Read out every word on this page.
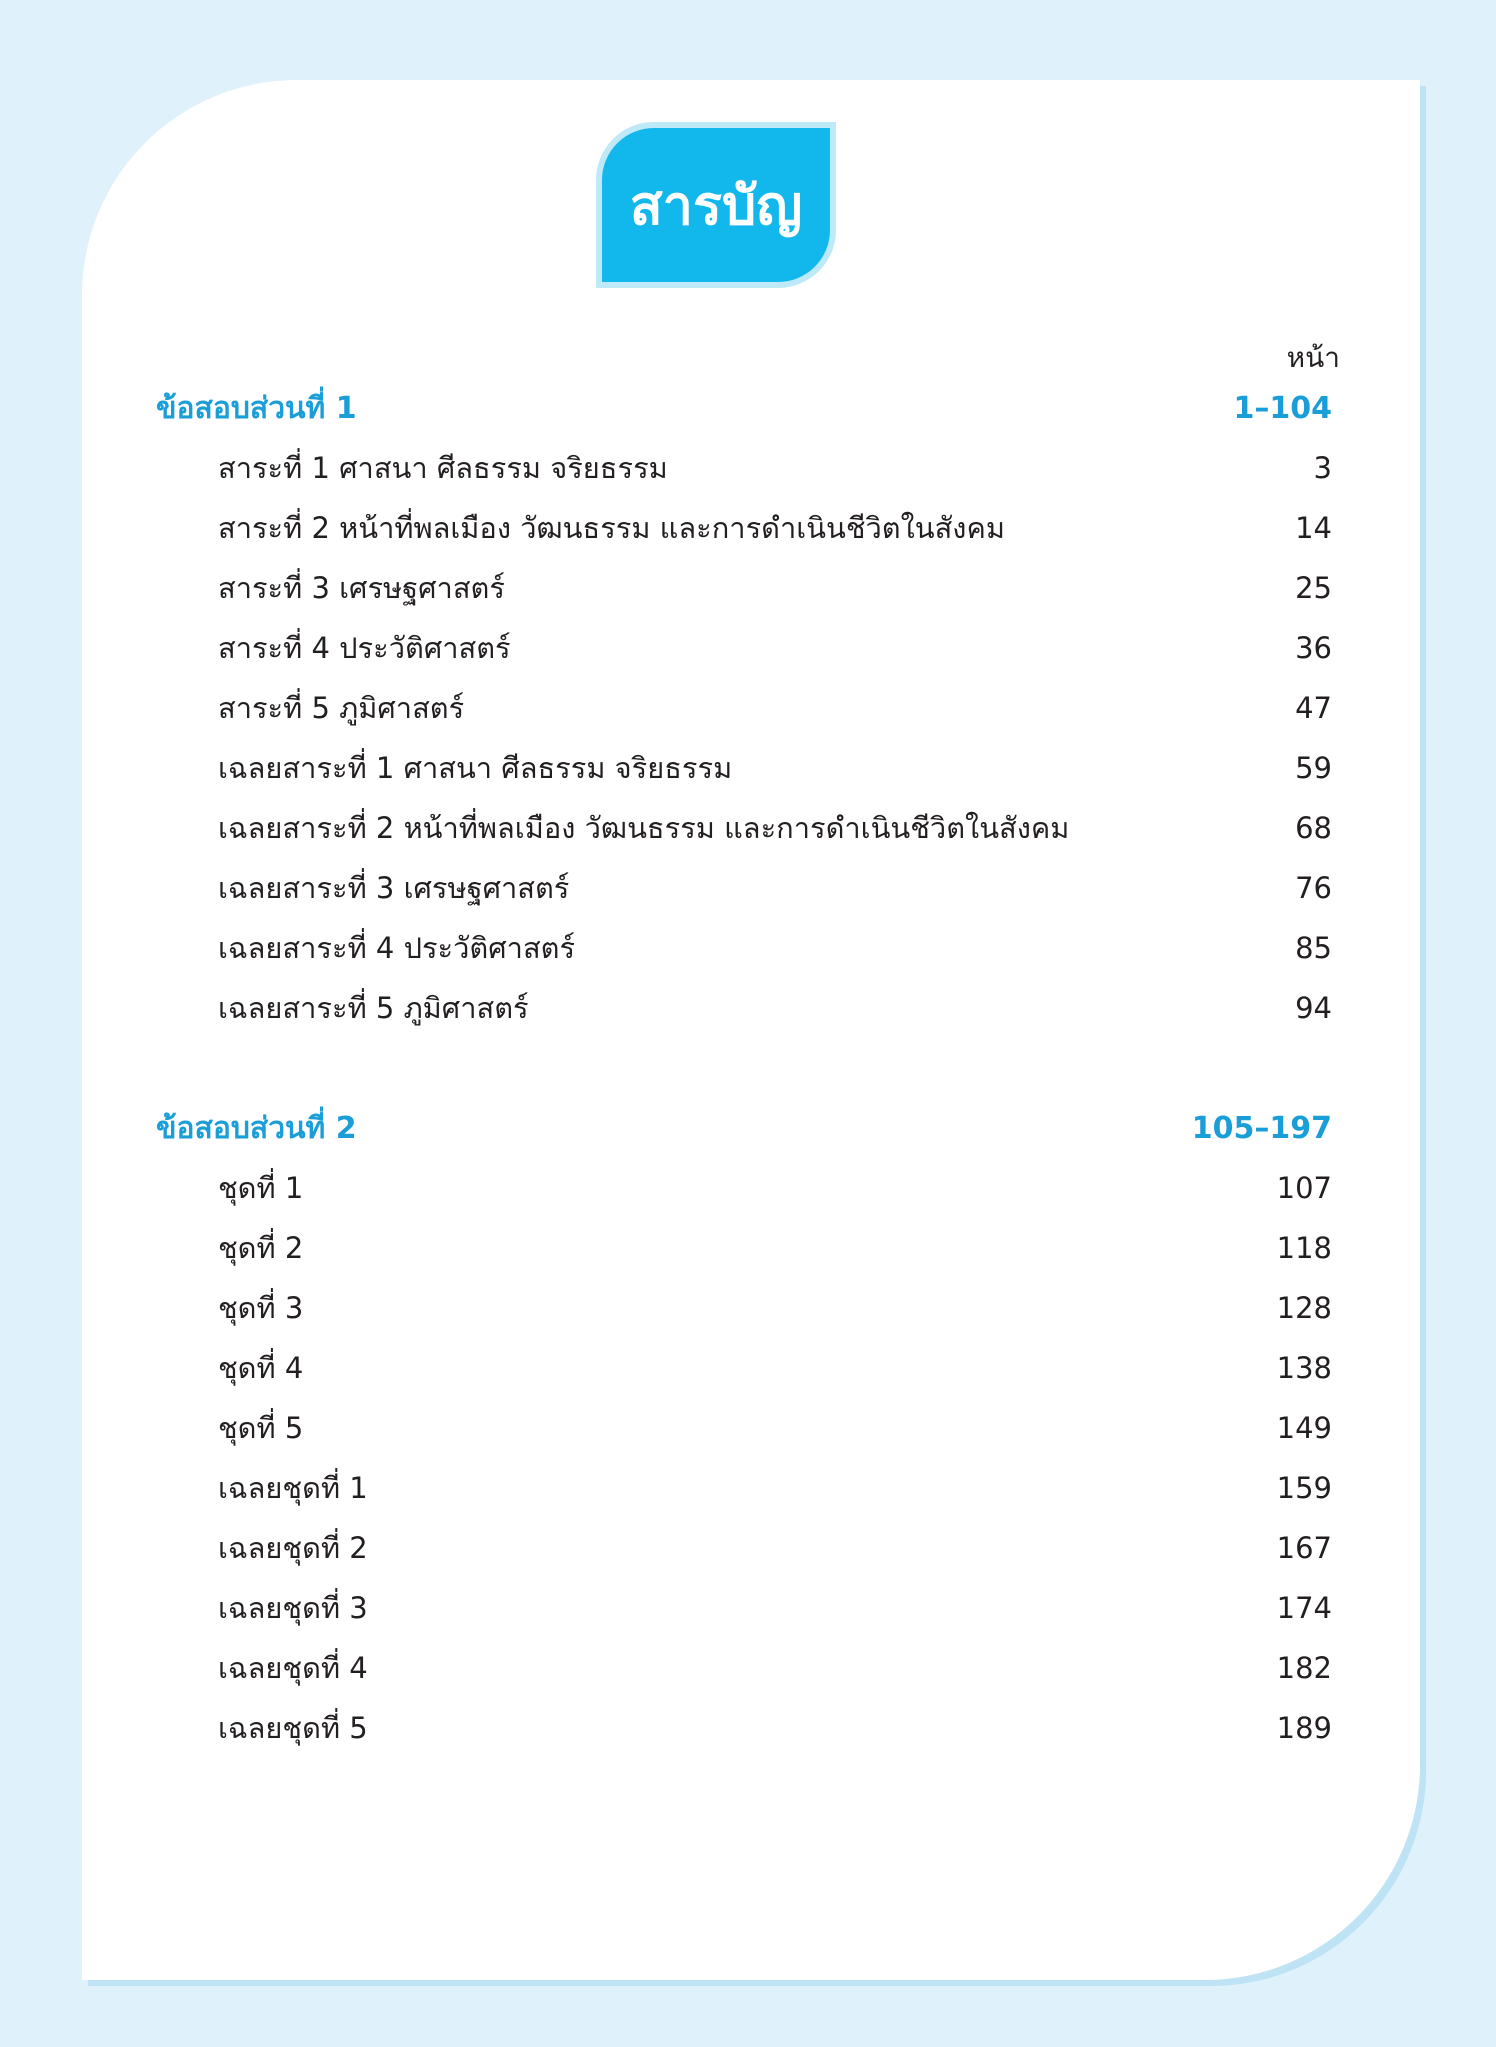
สารบัญ
หน้า
ข้อสอบส่วนที่ 1	1–104
สาระที่ 1 ศาสนา ศีลธรรม จริยธรรม	3
สาระที่ 2 หน้าที่พลเมือง วัฒนธรรม และการดำเนินชีวิตในสังคม	14
สาระที่ 3 เศรษฐศาสตร์	25
สาระที่ 4 ประวัติศาสตร์	36
สาระที่ 5 ภูมิศาสตร์	47
เฉลยสาระที่ 1 ศาสนา ศีลธรรม จริยธรรม	59
เฉลยสาระที่ 2 หน้าที่พลเมือง วัฒนธรรม และการดำเนินชีวิตในสังคม	68
เฉลยสาระที่ 3 เศรษฐศาสตร์	76
เฉลยสาระที่ 4 ประวัติศาสตร์	85
เฉลยสาระที่ 5 ภูมิศาสตร์	94
ข้อสอบส่วนที่ 2	105–197
ชุดที่ 1	107
ชุดที่ 2	118
ชุดที่ 3	128
ชุดที่ 4	138
ชุดที่ 5	149
เฉลยชุดที่ 1	159
เฉลยชุดที่ 2	167
เฉลยชุดที่ 3	174
เฉลยชุดที่ 4	182
เฉลยชุดที่ 5	189
